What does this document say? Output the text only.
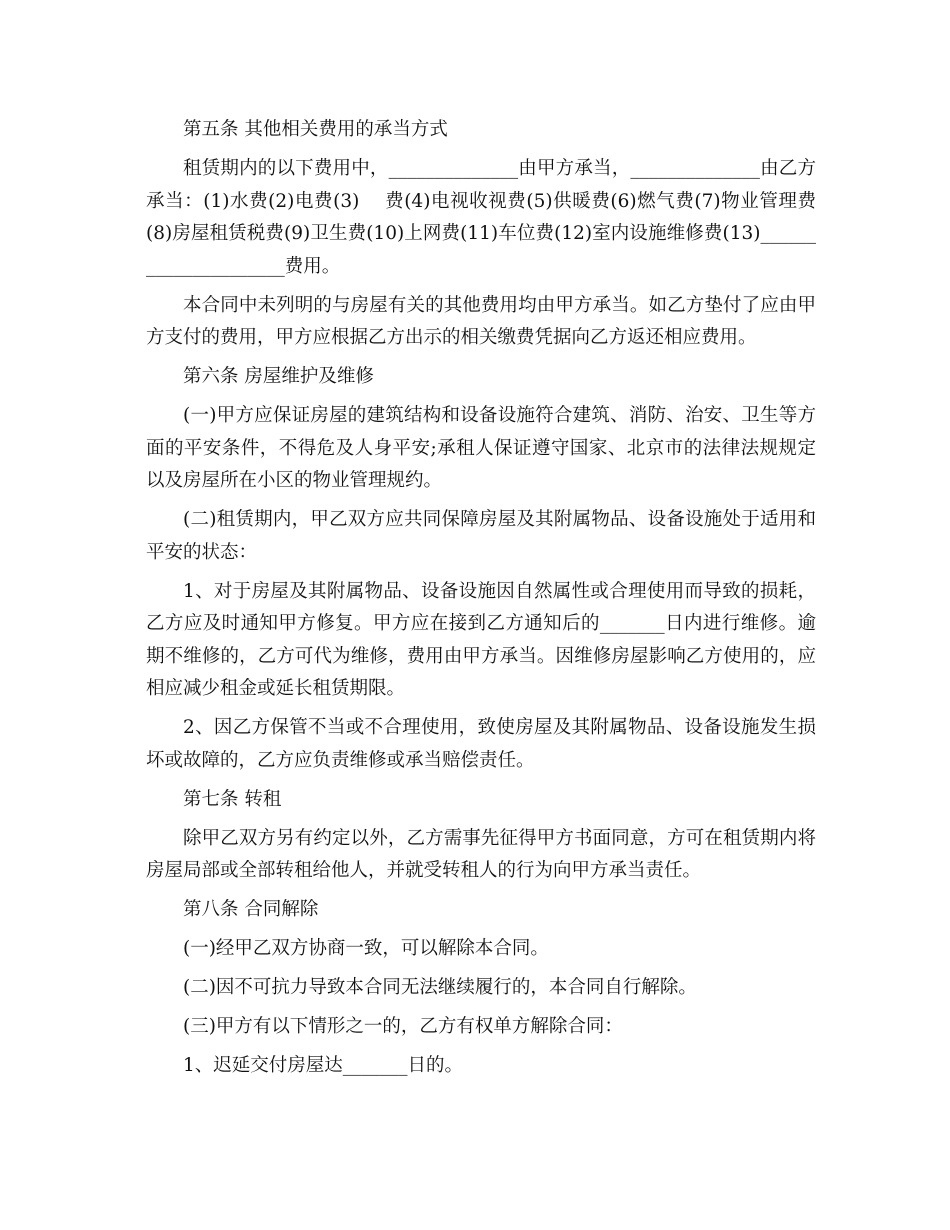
第五条 其他相关费用的承当方式

租赁期内的以下费用中，______________由甲方承当，______________由乙方承当：(1)水费(2)电费(3)    费(4)电视收视费(5)供暖费(6)燃气费(7)物业管理费(8)房屋租赁税费(9)卫生费(10)上网费(11)车位费(12)室内设施维修费(13)_____________________费用。

本合同中未列明的与房屋有关的其他费用均由甲方承当。如乙方垫付了应由甲方支付的费用，甲方应根据乙方出示的相关缴费凭据向乙方返还相应费用。

第六条 房屋维护及维修

(一)甲方应保证房屋的建筑结构和设备设施符合建筑、消防、治安、卫生等方面的平安条件，不得危及人身平安;承租人保证遵守国家、北京市的法律法规规定以及房屋所在小区的物业管理规约。

(二)租赁期内，甲乙双方应共同保障房屋及其附属物品、设备设施处于适用和平安的状态：

1、对于房屋及其附属物品、设备设施因自然属性或合理使用而导致的损耗，乙方应及时通知甲方修复。甲方应在接到乙方通知后的_______日内进行维修。逾期不维修的，乙方可代为维修，费用由甲方承当。因维修房屋影响乙方使用的，应相应减少租金或延长租赁期限。

2、因乙方保管不当或不合理使用，致使房屋及其附属物品、设备设施发生损坏或故障的，乙方应负责维修或承当赔偿责任。

第七条 转租

除甲乙双方另有约定以外，乙方需事先征得甲方书面同意，方可在租赁期内将房屋局部或全部转租给他人，并就受转租人的行为向甲方承当责任。

第八条 合同解除

(一)经甲乙双方协商一致，可以解除本合同。

(二)因不可抗力导致本合同无法继续履行的，本合同自行解除。

(三)甲方有以下情形之一的，乙方有权单方解除合同：

1、迟延交付房屋达_______日的。
